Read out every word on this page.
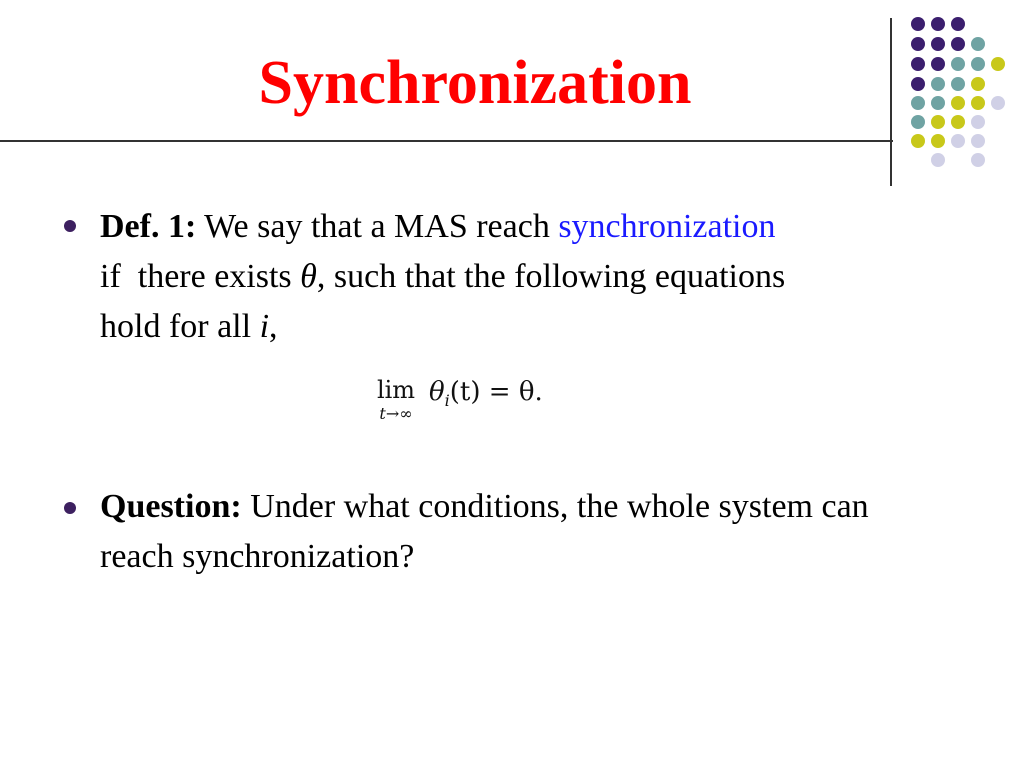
Synchronization
Def. 1: We say that a MAS reach synchronization
if  there exists θ, such that the following equations
hold for all i,
lim
t→∞
$\theta_i(t) = \theta$.
Question: Under what conditions, the whole system can reach synchronization?
